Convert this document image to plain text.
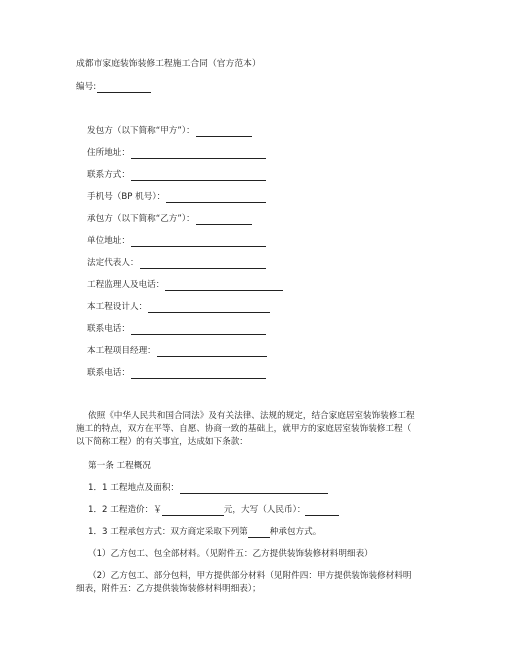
成都市家庭装饰装修工程施工合同（官方范本）
编号:
发包方（以下简称“甲方”）：
住所地址：
联系方式：
手机号（BP 机号）：
承包方（以下简称“乙方”）：
单位地址：
法定代表人：
工程监理人及电话：
本工程设计人：
联系电话：
本工程项目经理：
联系电话：
依照《中华人民共和国合同法》及有关法律、法规的规定，结合家庭居室装饰装修工程
施工的特点，双方在平等、自愿、协商一致的基础上，就甲方的家庭居室装饰装修工程（
以下简称工程）的有关事宜，达成如下条款：
第一条 工程概况
1．1 工程地点及面积：
1．2 工程造价：￥	元，大写（人民币）：
1．3 工程承包方式：双方商定采取下列第	种承包方式。
（1）乙方包工、包全部材料。（见附件五：乙方提供装饰装修材料明细表）
（2）乙方包工、部分包料，甲方提供部分材料（见附件四：甲方提供装饰装修材料明
细表，附件五：乙方提供装饰装修材料明细表）；
